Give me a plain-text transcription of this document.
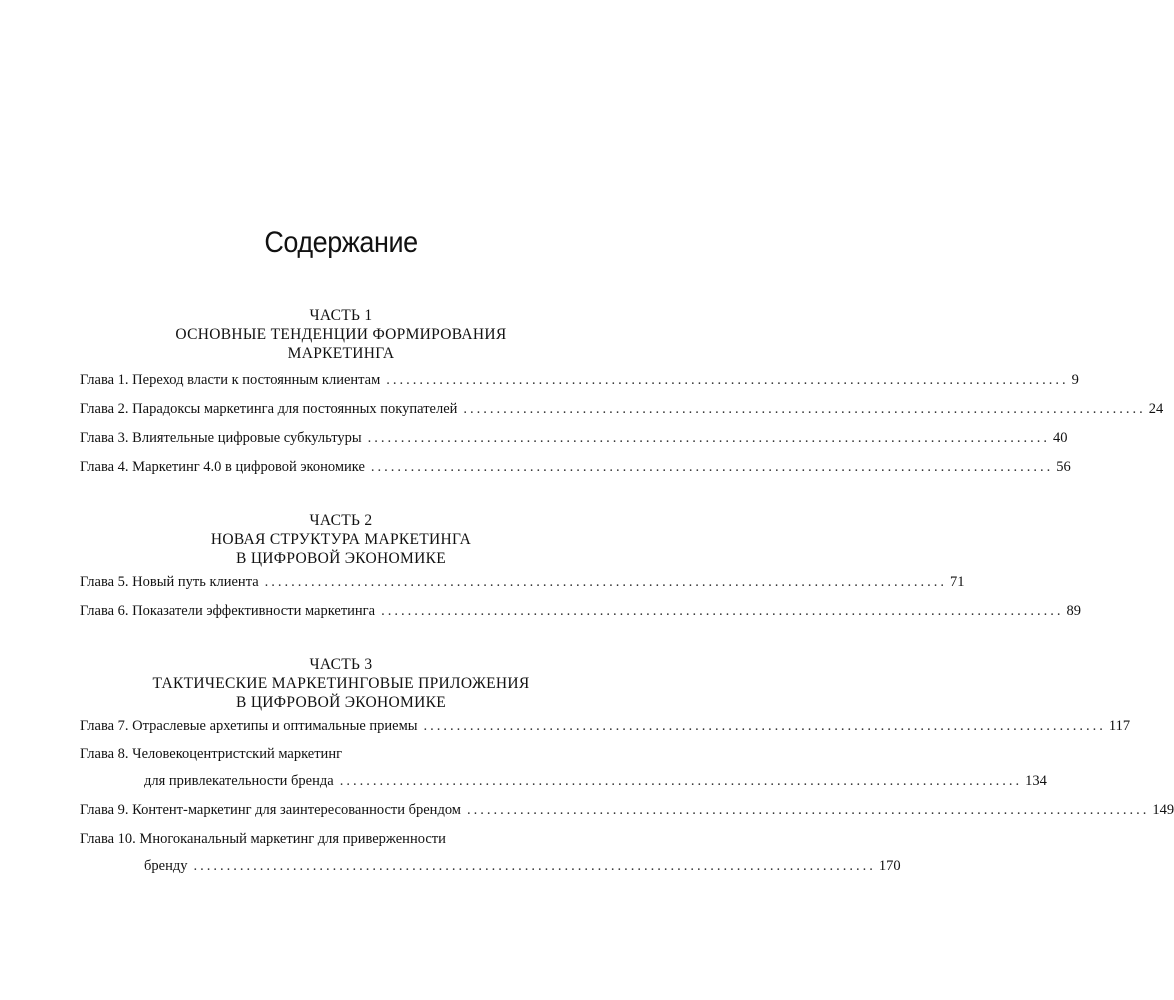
Содержание
ЧАСТЬ 1
ОСНОВНЫЕ ТЕНДЕНЦИИ ФОРМИРОВАНИЯ
МАРКЕТИНГА
Глава 1. Переход власти к постоянным клиентам ....................................................................................................... 9
Глава 2. Парадоксы маркетинга для постоянных покупателей ....................................................................................................... 24
Глава 3. Влиятельные цифровые субкультуры ....................................................................................................... 40
Глава 4. Маркетинг 4.0 в цифровой экономике ....................................................................................................... 56
ЧАСТЬ 2
НОВАЯ СТРУКТУРА МАРКЕТИНГА
В ЦИФРОВОЙ ЭКОНОМИКЕ
Глава 5. Новый путь клиента ....................................................................................................... 71
Глава 6. Показатели эффективности маркетинга ....................................................................................................... 89
ЧАСТЬ 3
ТАКТИЧЕСКИЕ МАРКЕТИНГОВЫЕ ПРИЛОЖЕНИЯ
В ЦИФРОВОЙ ЭКОНОМИКЕ
Глава 7. Отраслевые архетипы и оптимальные приемы ....................................................................................................... 117
Глава 8. Человекоцентристский маркетинг
для привлекательности бренда ....................................................................................................... 134
Глава 9. Контент-маркетинг для заинтересованности брендом ....................................................................................................... 149
Глава 10. Многоканальный маркетинг для приверженности
бренду ....................................................................................................... 170
